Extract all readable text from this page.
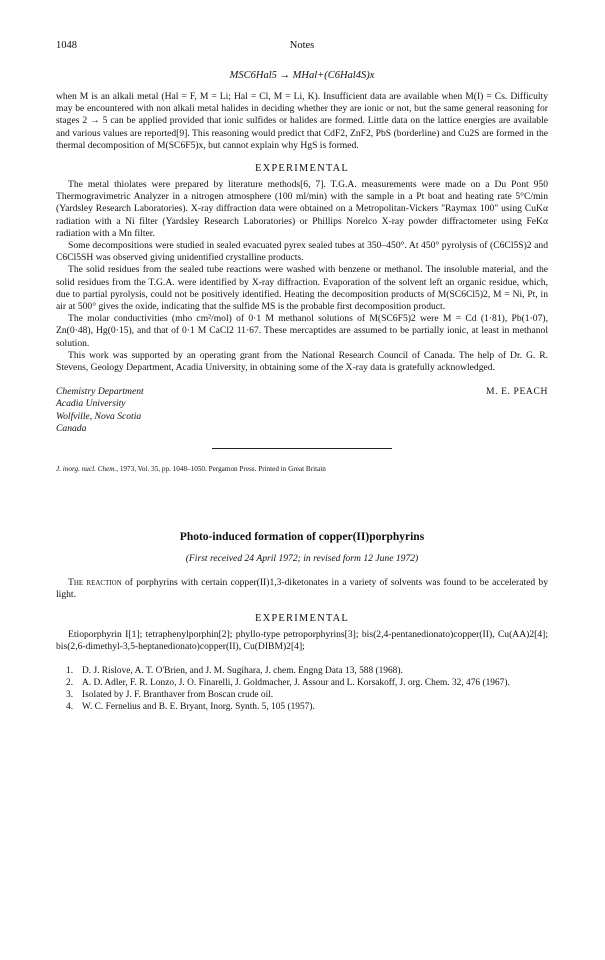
1048	Notes
MSC6Hal5 → MHal+(C6Hal4S)x

when M is an alkali metal (Hal = F, M = Li; Hal = Cl, M = Li, K). Insufficient data are available when M(I) = Cs. Difficulty may be encountered with non alkali metal halides in deciding whether they are ionic or not, but the same general reasoning for stages 2 → 5 can be applied provided that ionic sulfides or halides are formed. Little data on the lattice energies are available and various values are reported[9]. This reasoning would predict that CdF2, ZnF2, PbS (borderline) and Cu2S are formed in the thermal decomposition of M(SC6F5)x, but cannot explain why HgS is formed.

EXPERIMENTAL

The metal thiolates were prepared by literature methods[6, 7]. T.G.A. measurements were made on a Du Pont 950 Thermogravimetric Analyzer in a nitrogen atmosphere (100 ml/min) with the sample in a Pt boat and heating rate 5°C/min (Yardsley Research Laboratories). X-ray diffraction data were obtained on a Metropolitan-Vickers "Raymax 100" using CuKα radiation with a Ni filter (Yardsley Research Laboratories) or Phillips Norelco X-ray powder diffractometer using FeKα radiation with a Mn filter.

Some decompositions were studied in sealed evacuated pyrex sealed tubes at 350–450°. At 450° pyrolysis of (C6Cl5S)2 and C6Cl5SH was observed giving unidentified crystalline products.

The solid residues from the sealed tube reactions were washed with benzene or methanol. The insoluble material, and the solid residues from the T.G.A. were identified by X-ray diffraction. Evaporation of the solvent left an organic residue, which, due to partial pyrolysis, could not be positively identified. Heating the decomposition products of M(SC6Cl5)2, M = Ni, Pt, in air at 500° gives the oxide, indicating that the sulfide MS is the probable first decomposition product.

The molar conductivities (mho cm²/mol) of 0·1 M methanol solutions of M(SC6F5)2 were M = Cd (1·81), Pb(1·07), Zn(0·48), Hg(0·15), and that of 0·1 M CaCl2 11·67. These mercaptides are assumed to be partially ionic, at least in methanol solution.

This work was supported by an operating grant from the National Research Council of Canada. The help of Dr. G. R. Stevens, Geology Department, Acadia University, in obtaining some of the X-ray data is gratefully acknowledged.

Chemistry Department
Acadia University
Wolfville, Nova Scotia
Canada
M. E. PEACH
J. inorg. nucl. Chem., 1973, Vol. 35, pp. 1048–1050. Pergamon Press. Printed in Great Britain
Photo-induced formation of copper(II)porphyrins
(First received 24 April 1972; in revised form 12 June 1972)

The reaction of porphyrins with certain copper(II)1,3-diketonates in a variety of solvents was found to be accelerated by light.

EXPERIMENTAL

Etioporphyrin I[1]; tetraphenylporphin[2]; phyllo-type petroporphyrins[3]; bis(2,4-pentanedionato)copper(II), Cu(AA)2[4]; bis(2,6-dimethyl-3,5-heptanedionato)copper(II), Cu(DIBM)2[4];

1. D. J. Rislove, A. T. O'Brien, and J. M. Sugihara, J. chem. Engng Data 13, 588 (1968).
2. A. D. Adler, F. R. Lonzo, J. O. Finarelli, J. Goldmacher, J. Assour and L. Korsakoff, J. org. Chem. 32, 476 (1967).
3. Isolated by J. F. Branthaver from Boscan crude oil.
4. W. C. Fernelius and B. E. Bryant, Inorg. Synth. 5, 105 (1957).
